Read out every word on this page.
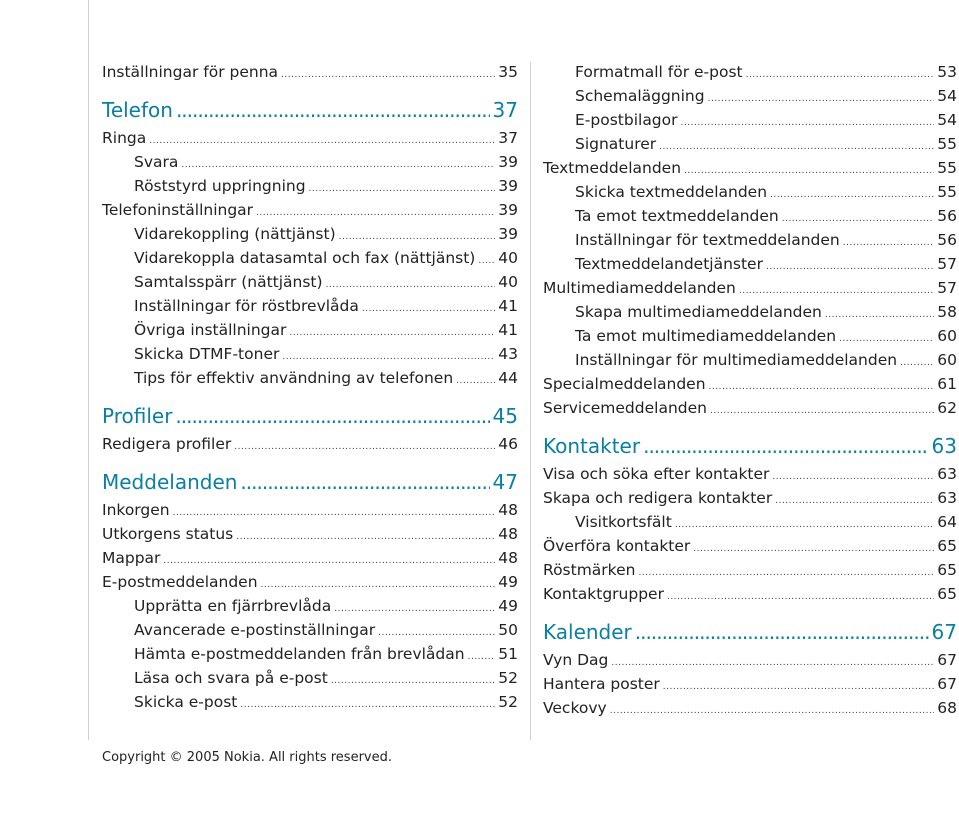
Inställningar för penna .....	35
Telefon .....	37
Ringa .....	37
Svara .....	39
Röststyrd uppringning .....	39
Telefoninställningar .....	39
Vidarekoppling (nättjänst) .....	39
Vidarekoppla datasamtal och fax (nättjänst) ..... 40
Samtalsspärr (nättjänst) .....	40
Inställningar för röstbrevlåda .....	41
Övriga inställningar .....	41
Skicka DTMF-toner .....	43
Tips för effektiv användning av telefonen .....	44
Profiler .....	45
Redigera profiler .....	46
Meddelanden .....	47
Inkorgen .....	48
Utkorgens status .....	48
Mappar .....	48
E-postmeddelanden .....	49
Upprätta en fjärrbrevlåda .....	49
Avancerade e-postinställningar .....	50
Hämta e-postmeddelanden från brevlådan ..... 51
Läsa och svara på e-post .....	52
Skicka e-post .....	52
Formatmall för e-post .....	53
Schemaläggning .....	54
E-postbilagor .....	54
Signaturer .....	55
Textmeddelanden .....	55
Skicka textmeddelanden .....	55
Ta emot textmeddelanden .....	56
Inställningar för textmeddelanden .....	56
Textmeddelandetjänster .....	57
Multimediameddelanden .....	57
Skapa multimediameddelanden .....	58
Ta emot multimediameddelanden .....	60
Inställningar för multimediameddelanden .....	60
Specialmeddelanden .....	61
Servicemeddelanden .....	62
Kontakter .....	63
Visa och söka efter kontakter .....	63
Skapa och redigera kontakter .....	63
Visitkortsfält .....	64
Överföra kontakter .....	65
Röstmärken .....	65
Kontaktgrupper .....	65
Kalender .....	67
Vyn Dag .....	67
Hantera poster .....	67
Veckovy .....	68
Copyright © 2005 Nokia. All rights reserved.
